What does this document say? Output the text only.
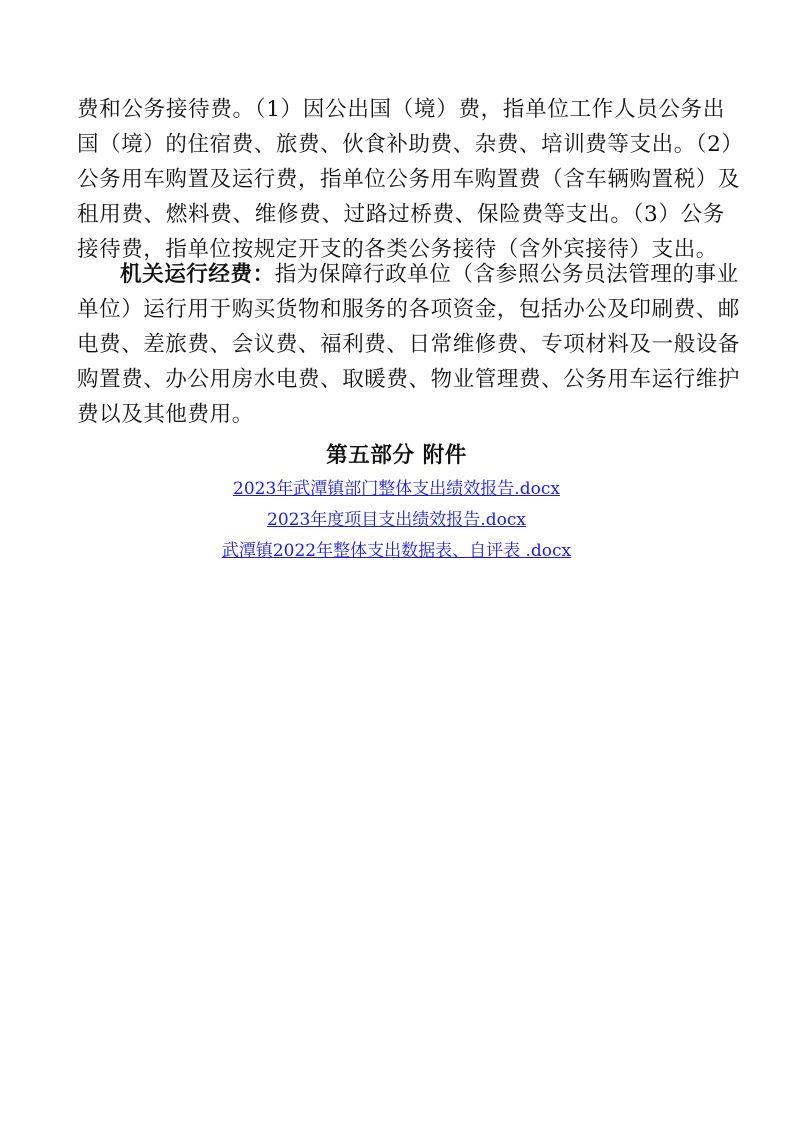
费和公务接待费。（1）因公出国（境）费，指单位工作人员公务出
国（境）的住宿费、旅费、伙食补助费、杂费、培训费等支出。（2）
公务用车购置及运行费，指单位公务用车购置费（含车辆购置税）及
租用费、燃料费、维修费、过路过桥费、保险费等支出。（3）公务
接待费，指单位按规定开支的各类公务接待（含外宾接待）支出。
机关运行经费：指为保障行政单位（含参照公务员法管理的事业
单位）运行用于购买货物和服务的各项资金，包括办公及印刷费、邮
电费、差旅费、会议费、福利费、日常维修费、专项材料及一般设备
购置费、办公用房水电费、取暖费、物业管理费、公务用车运行维护
费以及其他费用。
第五部分 附件
2023年武潭镇部门整体支出绩效报告.docx
2023年度项目支出绩效报告.docx
武潭镇2022年整体支出数据表、自评表 .docx
